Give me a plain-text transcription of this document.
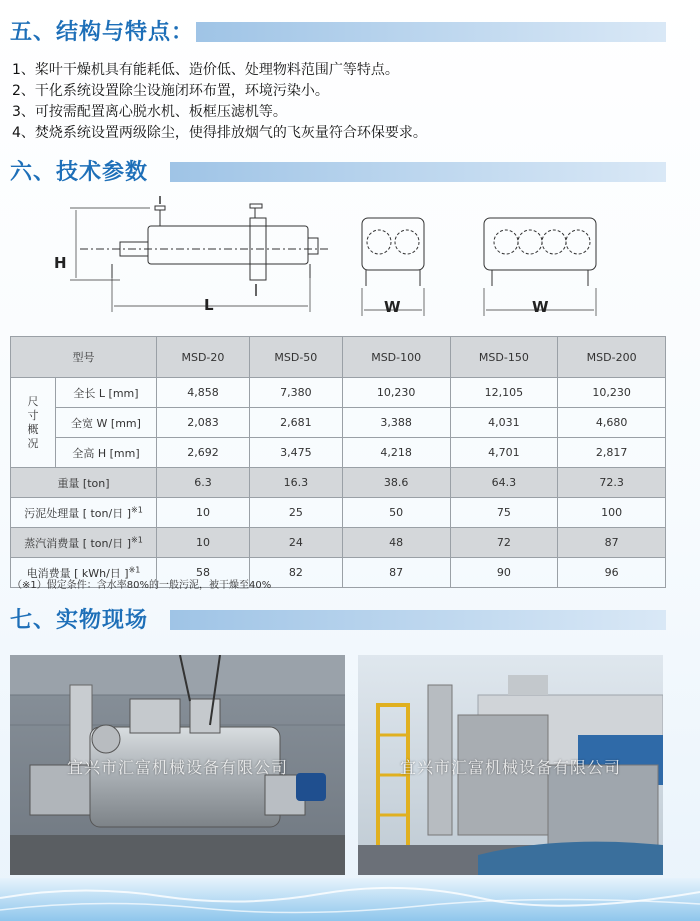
五、结构与特点：
1、桨叶干燥机具有能耗低、造价低、处理物料范围广等特点。
2、干化系统设置除尘设施闭环布置，环境污染小。
3、可按需配置离心脱水机、板框压滤机等。
4、焚烧系统设置两级除尘，使得排放烟气的飞灰量符合环保要求。
六、技术参数
H
L	W	W
型号		MSD-20	MSD-50	MSD-100	MSD-150	MSD-200
尺寸概况	全长 L [mm]	4,858	7,380	10,230	12,105	10,230
	全宽 W [mm]	2,083	2,681	3,388	4,031	4,680
	全高 H [mm]	2,692	3,475	4,218	4,701	2,817
重量 [ton]		6.3	16.3	38.6	64.3	72.3
污泥处理量 [ ton/日 ]$^{※1}$		10	25	50	75	100
蒸汽消费量 [ ton/日 ]$^{※1}$		10	24	48	72	87
电消费量 [ kWh/日 ]$^{※1}$		58	82	87	90	96
（※1）假定条件：含水率80%的一般污泥，被干燥至40%
七、实物现场
宜兴市汇富机械设备有限公司	宜兴市汇富机械设备有限公司
